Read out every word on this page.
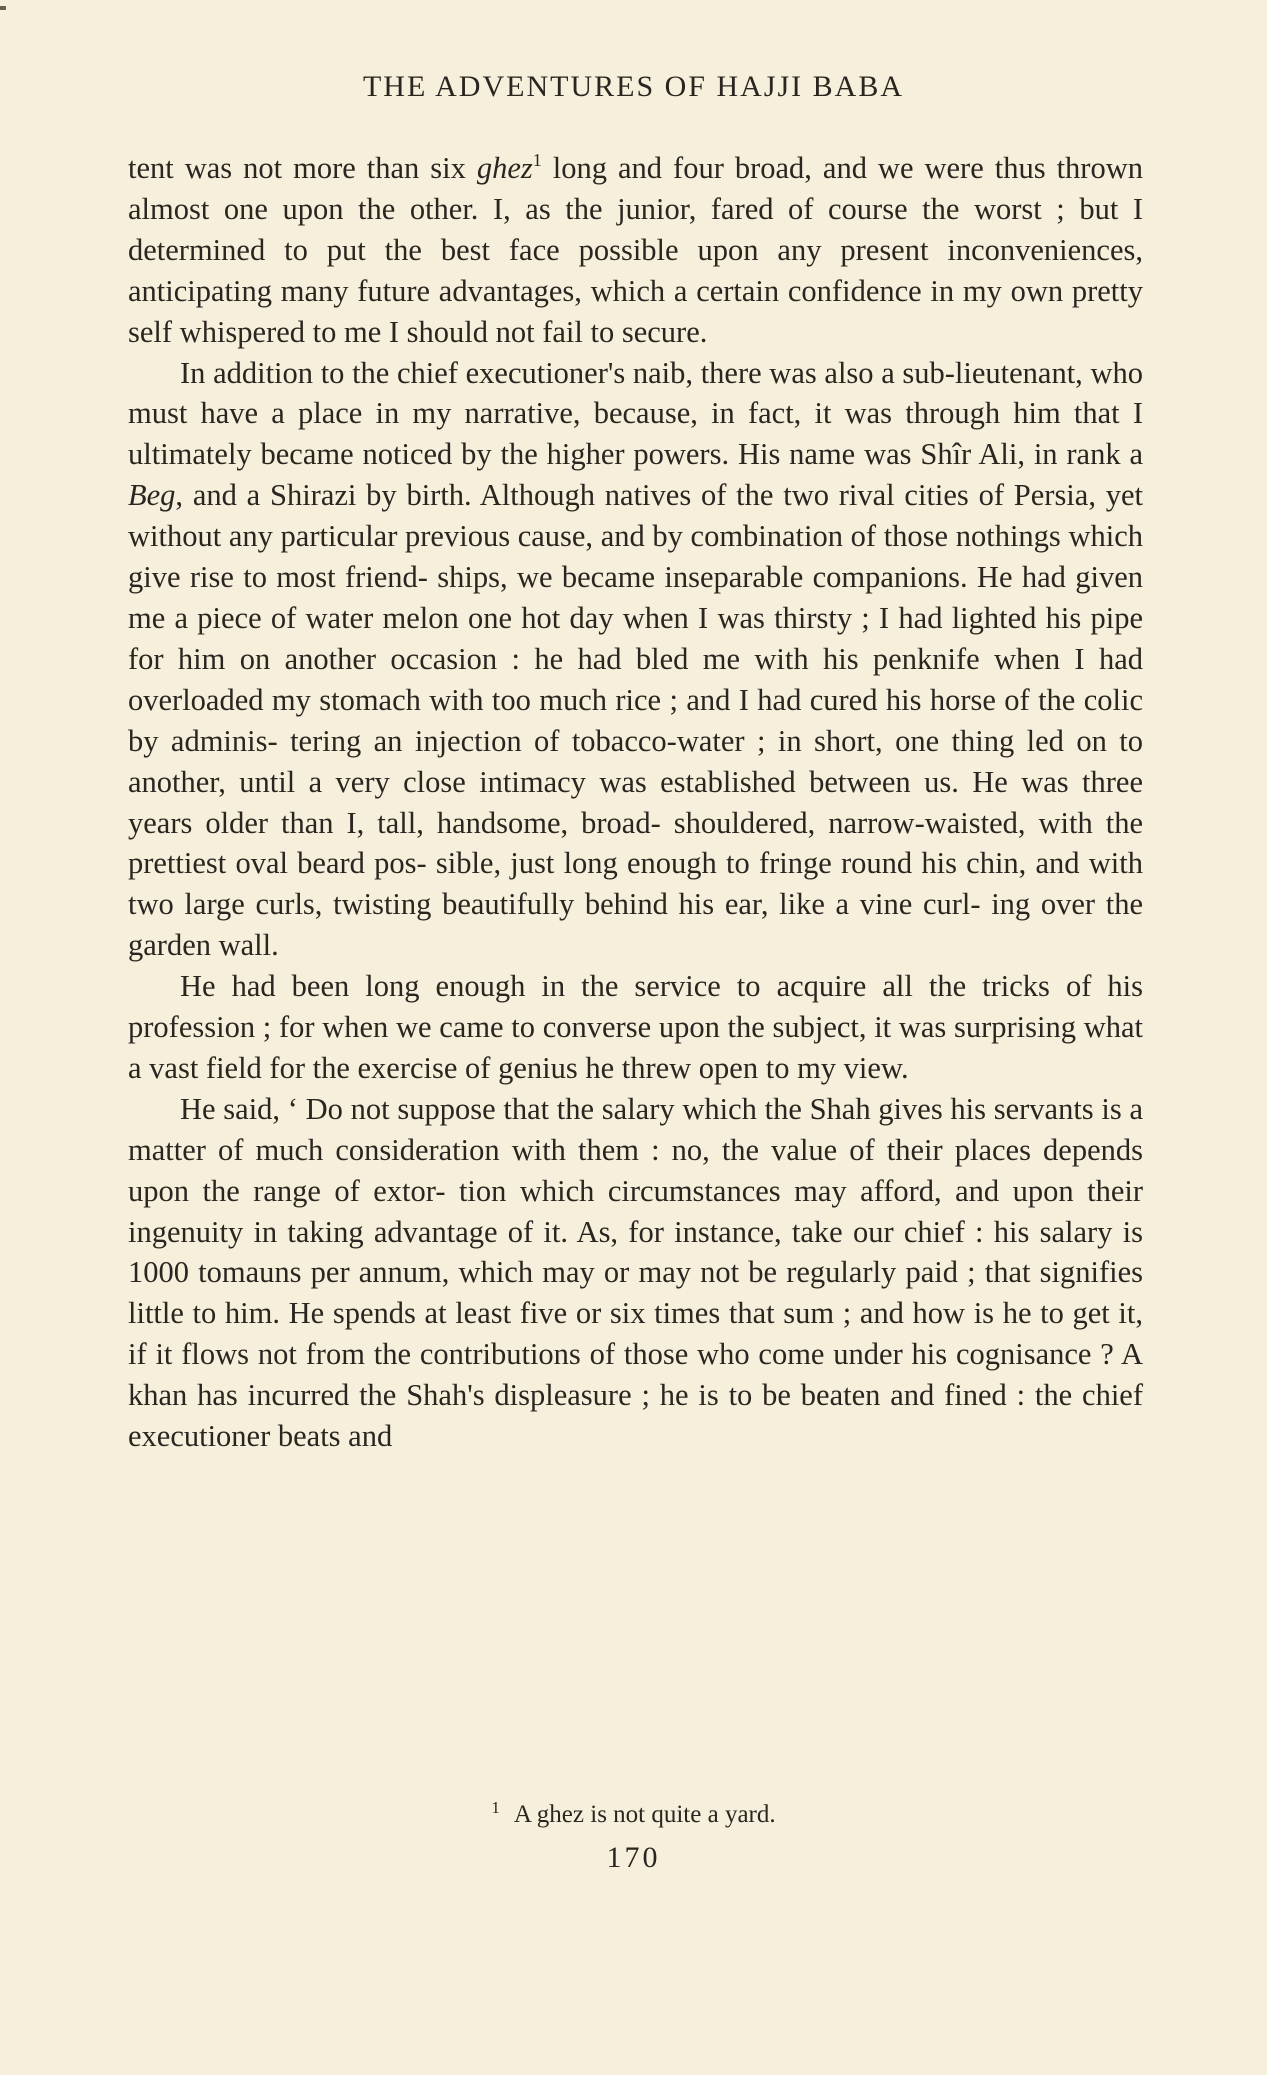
THE ADVENTURES OF HAJJI BABA

tent was not more than six ghez$^1$ long and four broad, and we were thus thrown almost one upon the other. I, as the junior, fared of course the worst ; but I determined to put the best face possible upon any present inconveniences, anticipating many future advantages, which a certain confidence in my own pretty self whispered to me I should not fail to secure.

In addition to the chief executioner's naib, there was also a sub-lieutenant, who must have a place in my narrative, because, in fact, it was through him that I ultimately became noticed by the higher powers. His name was Shîr Ali, in rank a Beg, and a Shirazi by birth. Although natives of the two rival cities of Persia, yet without any particular previous cause, and by combination of those nothings which give rise to most friend- ships, we became inseparable companions. He had given me a piece of water melon one hot day when I was thirsty ; I had lighted his pipe for him on another occasion : he had bled me with his penknife when I had overloaded my stomach with too much rice ; and I had cured his horse of the colic by adminis- tering an injection of tobacco-water ; in short, one thing led on to another, until a very close intimacy was established between us. He was three years older than I, tall, handsome, broad- shouldered, narrow-waisted, with the prettiest oval beard pos- sible, just long enough to fringe round his chin, and with two large curls, twisting beautifully behind his ear, like a vine curl- ing over the garden wall.

He had been long enough in the service to acquire all the tricks of his profession ; for when we came to converse upon the subject, it was surprising what a vast field for the exercise of genius he threw open to my view.

He said, ‘ Do not suppose that the salary which the Shah gives his servants is a matter of much consideration with them : no, the value of their places depends upon the range of extor- tion which circumstances may afford, and upon their ingenuity in taking advantage of it. As, for instance, take our chief : his salary is 1000 tomauns per annum, which may or may not be regularly paid ; that signifies little to him. He spends at least five or six times that sum ; and how is he to get it, if it flows not from the contributions of those who come under his cognisance ? A khan has incurred the Shah's displeasure ; he is to be beaten and fined : the chief executioner beats and

$^1$ A ghez is not quite a yard.
170
